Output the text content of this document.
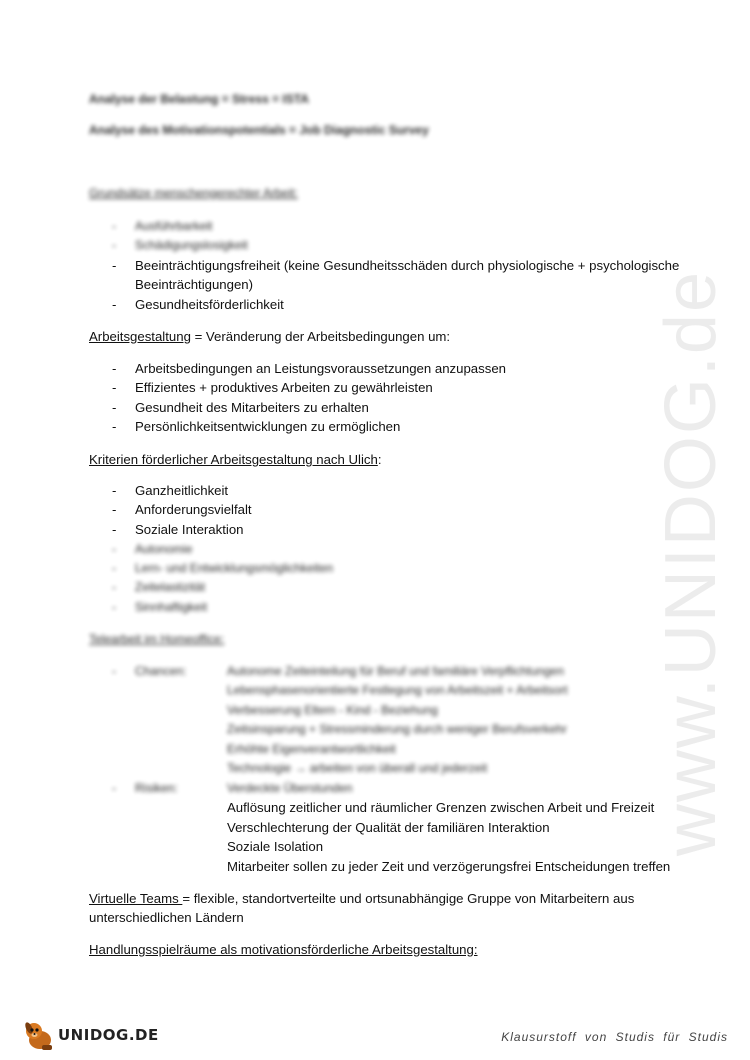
www.UNIDOG.de
Analyse der Belastung = Stress = ISTA
Analyse des Motivationspotentials = Job Diagnostic Survey
Grundsätze menschengerechter Arbeit:
- Ausführbarkeit
- Schädigungslosigkeit
- Beeinträchtigungsfreiheit (keine Gesundheitsschäden durch physiologische + psychologische
Beeinträchtigungen)
- Gesundheitsförderlichkeit
Arbeitsgestaltung = Veränderung der Arbeitsbedingungen um:
- Arbeitsbedingungen an Leistungsvoraussetzungen anzupassen
- Effizientes + produktives Arbeiten zu gewährleisten
- Gesundheit des Mitarbeiters zu erhalten
- Persönlichkeitsentwicklungen zu ermöglichen
Kriterien förderlicher Arbeitsgestaltung nach Ulich:
- Ganzheitlichkeit
- Anforderungsvielfalt
- Soziale Interaktion
- Autonomie
- Lern- und Entwicklungsmöglichkeiten
- Zeitelastizität
- Sinnhaftigkeit
Telearbeit im Homeoffice:
- Chancen:	Autonome Zeiteinteilung für Beruf und familiäre Verpflichtungen
Lebensphasenorientierte Festlegung von Arbeitszeit + Arbeitsort
Verbesserung Eltern - Kind - Beziehung
Zeitsinsparung + Stressminderung durch weniger Berufsverkehr
Erhöhte Eigenverantwortlichkeit
Technologie → arbeiten von überall und jederzeit
- Risiken:	Verdeckte Überstunden
Auflösung zeitlicher und räumlicher Grenzen zwischen Arbeit und Freizeit
Verschlechterung der Qualität der familiären Interaktion
Soziale Isolation
Mitarbeiter sollen zu jeder Zeit und verzögerungsfrei Entscheidungen treffen
Virtuelle Teams = flexible, standortverteilte und ortsunabhängige Gruppe von Mitarbeitern aus
unterschiedlichen Ländern
Handlungsspielräume als motivationsförderliche Arbeitsgestaltung:
UNIDOG.DE	Klausurstoff von Studis für Studis
